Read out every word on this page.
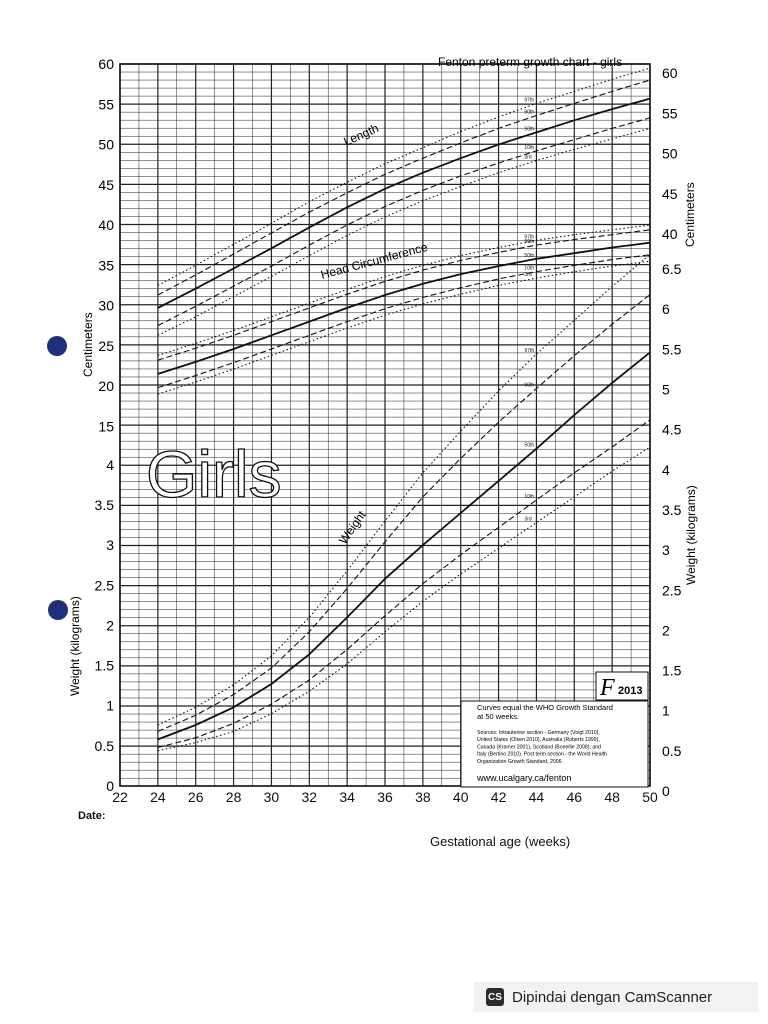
22 24 26 28 30 32 34 36 38 40 42 44 46 48 50
60
55
50
45
40
35
30
25
20
15
4
3.5
3
2.5
2
1.5
1
0.5
0
60
55
50
45
40
6.5
6
5.5
5
4.5
4
3.5
3
2.5
2
1.5
1
0.5
0
Centimeters
Weight (kilograms)
Centimeters
Weight (kilograms)
Fenton preterm growth chart - girls
97th
90th
50th
10th
3rd
97th
90th
50th
10th
3rd
97th
90th
50th
10th
3rd
Length
Head Circumference
Weight
Girls
F 2013
Curves equal the WHO Growth Standard
at 50 weeks.
Sources: Intrauterine section - Germany (Voigt 2010),
United States (Olsen 2010), Australia (Roberts 1999),
Canada (Kramer 2001), Scotland (Bonellie 2008), and
Italy (Bertino 2010). Post term section - the World Health
Organization Growth Standard, 2006.
www.ucalgary.ca/fenton
Date:
Gestational age (weeks)
CS Dipindai dengan CamScanner
